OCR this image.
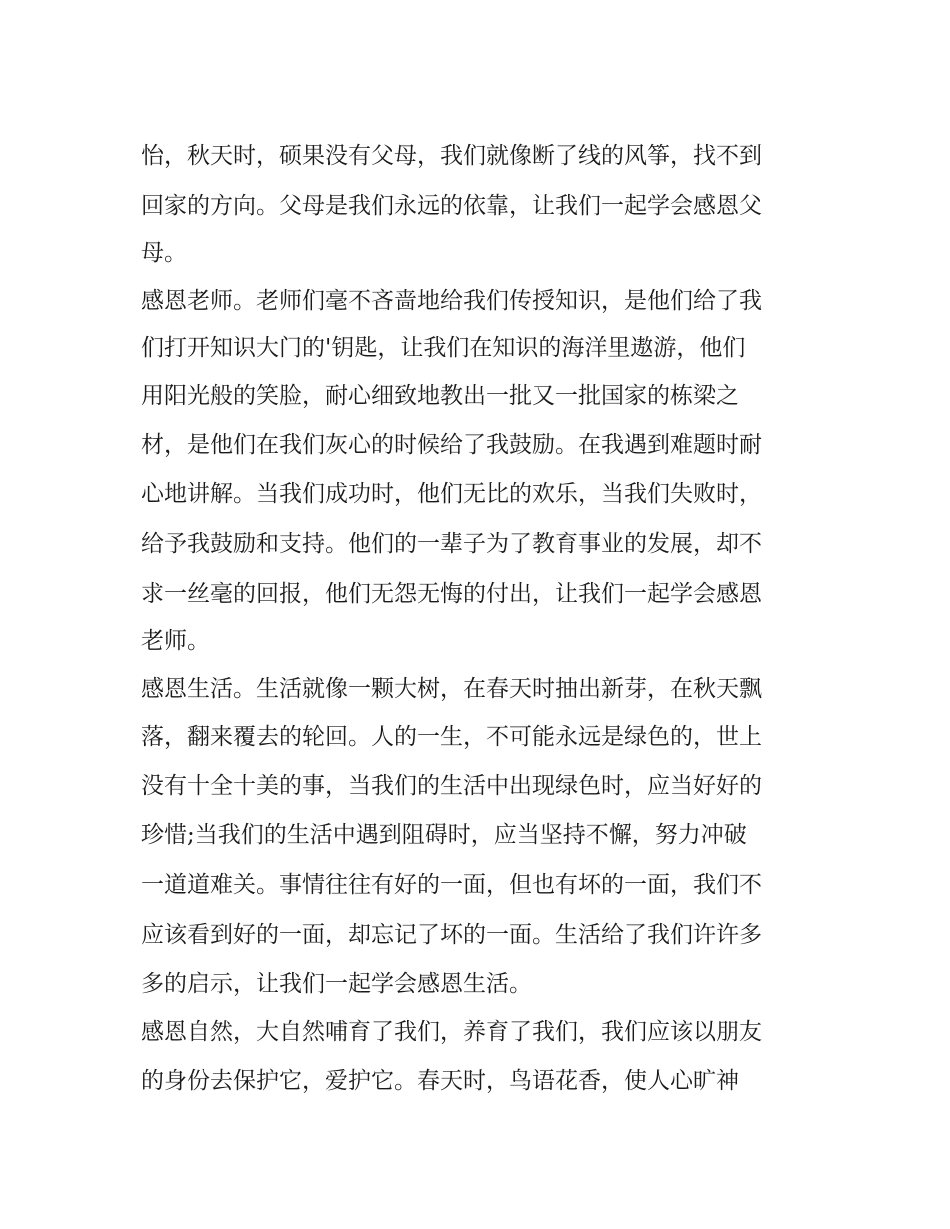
怡，秋天时，硕果没有父母，我们就像断了线的风筝，找不到

回家的方向。父母是我们永远的依靠，让我们一起学会感恩父

母。

感恩老师。老师们毫不吝啬地给我们传授知识，是他们给了我

们打开知识大门的'钥匙，让我们在知识的海洋里遨游，他们

用阳光般的笑脸，耐心细致地教出一批又一批国家的栋梁之

材，是他们在我们灰心的时候给了我鼓励。在我遇到难题时耐

心地讲解。当我们成功时，他们无比的欢乐，当我们失败时，

给予我鼓励和支持。他们的一辈子为了教育事业的发展，却不

求一丝毫的回报，他们无怨无悔的付出，让我们一起学会感恩

老师。

感恩生活。生活就像一颗大树，在春天时抽出新芽，在秋天飘

落，翻来覆去的轮回。人的一生，不可能永远是绿色的，世上

没有十全十美的事，当我们的生活中出现绿色时，应当好好的

珍惜;当我们的生活中遇到阻碍时，应当坚持不懈，努力冲破

一道道难关。事情往往有好的一面，但也有坏的一面，我们不

应该看到好的一面，却忘记了坏的一面。生活给了我们许许多

多的启示，让我们一起学会感恩生活。

感恩自然，大自然哺育了我们，养育了我们，我们应该以朋友

的身份去保护它，爱护它。春天时，鸟语花香，使人心旷神
